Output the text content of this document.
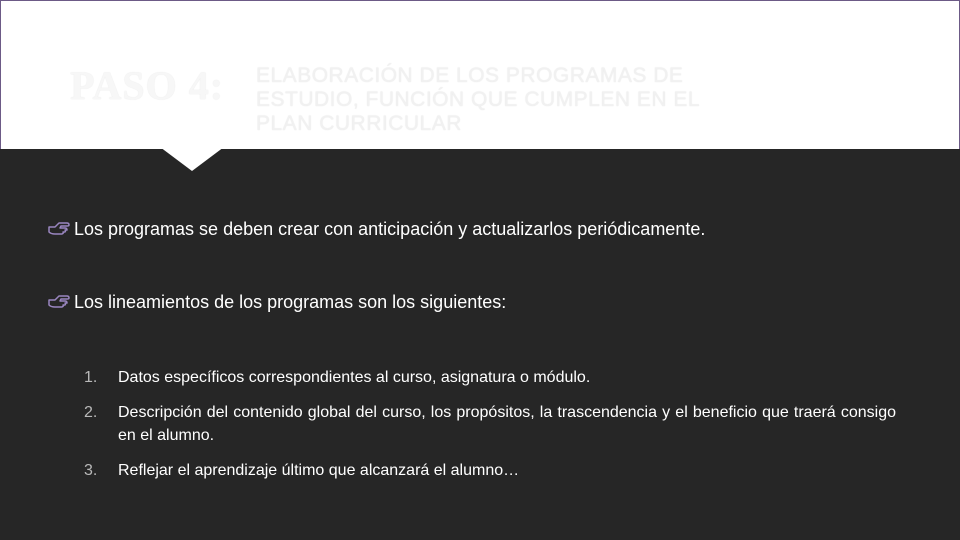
PASO 4:	ELABORACIÓN DE LOS PROGRAMAS DE ESTUDIO, FUNCIÓN QUE CUMPLEN EN EL PLAN CURRICULAR
Los programas se deben crear con anticipación y actualizarlos periódicamente.
Los lineamientos de los programas son los siguientes:
1.	Datos específicos correspondientes al curso, asignatura o módulo.
2.	Descripción del contenido global del curso, los propósitos, la trascendencia y el beneficio que traerá consigo en el alumno.
3.	Reflejar el aprendizaje último que alcanzará el alumno…
